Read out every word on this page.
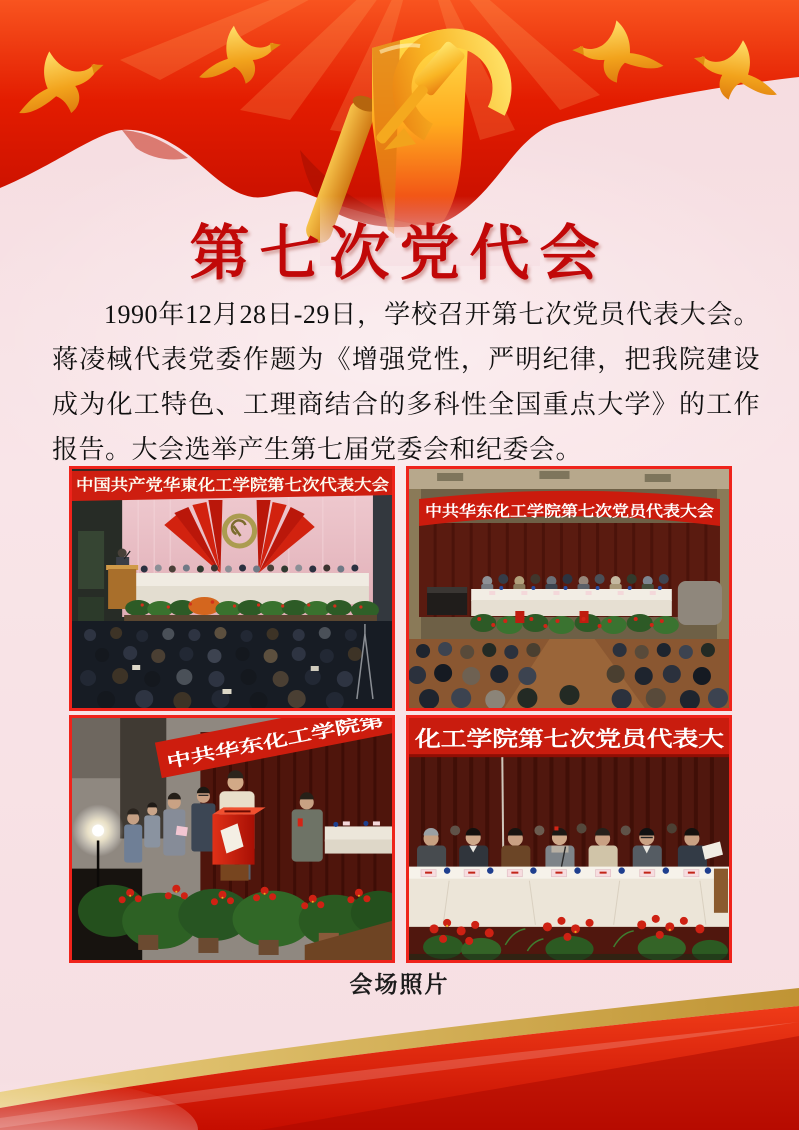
第七次党代会

1990年12月28日-29日，学校召开第七次党员代表大会。蒋凌棫代表党委作题为《增强党性，严明纪律，把我院建设成为化工特色、工理商结合的多科性全国重点大学》的工作报告。大会选举产生第七届党委会和纪委会。

中国共产党华東化工学院第七次代表大会
中共华东化工学院第七次党员代表大会
中共华东化工学院第	化工学院第七次党员代表大
会场照片
